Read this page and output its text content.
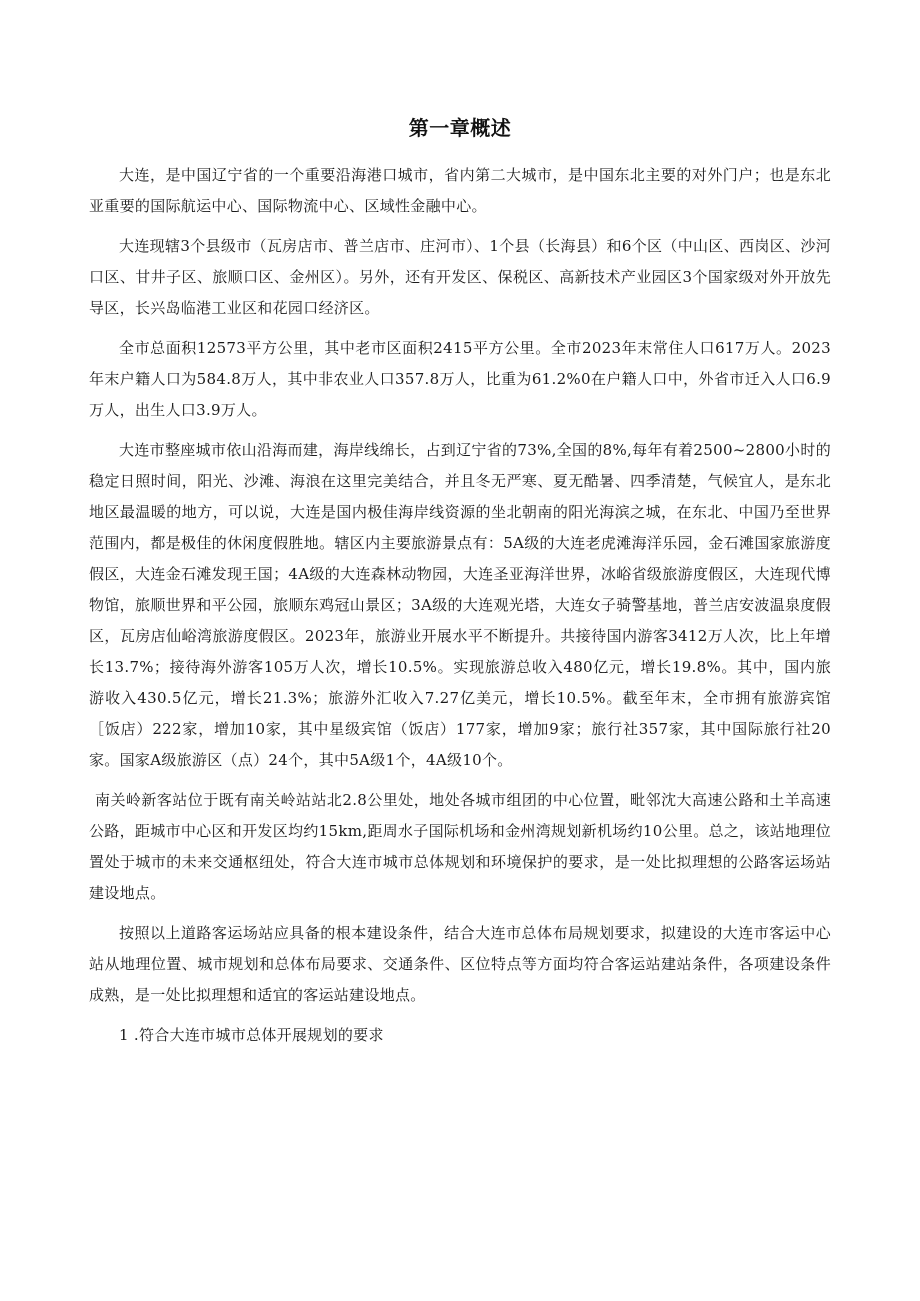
第一章概述

大连，是中国辽宁省的一个重要沿海港口城市，省内第二大城市，是中国东北主要的对外门户；也是东北亚重要的国际航运中心、国际物流中心、区域性金融中心。

大连现辖3个县级市（瓦房店市、普兰店市、庄河市）、1个县（长海县）和6个区（中山区、西岗区、沙河口区、甘井子区、旅顺口区、金州区）。另外，还有开发区、保税区、高新技术产业园区3个国家级对外开放先导区，长兴岛临港工业区和花园口经济区。

全市总面积12573平方公里，其中老市区面积2415平方公里。全市2023年末常住人口617万人。2023年末户籍人口为584.8万人，其中非农业人口357.8万人，比重为61.2%0在户籍人口中，外省市迁入人口6.9万人，出生人口3.9万人。

大连市整座城市依山沿海而建，海岸线绵长，占到辽宁省的73%,全国的8%,每年有着2500~2800小时的稳定日照时间，阳光、沙滩、海浪在这里完美结合，并且冬无严寒、夏无酷暑、四季清楚，气候宜人，是东北地区最温暖的地方，可以说，大连是国内极佳海岸线资源的坐北朝南的阳光海滨之城，在东北、中国乃至世界范围内，都是极佳的休闲度假胜地。辖区内主要旅游景点有：5A级的大连老虎滩海洋乐园，金石滩国家旅游度假区，大连金石滩发现王国；4A级的大连森林动物园，大连圣亚海洋世界，冰峪省级旅游度假区，大连现代博物馆，旅顺世界和平公园，旅顺东鸡冠山景区；3A级的大连观光塔，大连女子骑警基地，普兰店安波温泉度假区，瓦房店仙峪湾旅游度假区。2023年，旅游业开展水平不断提升。共接待国内游客3412万人次，比上年增长13.7%；接待海外游客105万人次，增长10.5%。实现旅游总收入480亿元，增长19.8%。其中，国内旅游收入430.5亿元，增长21.3%；旅游外汇收入7.27亿美元，增长10.5%。截至年末，全市拥有旅游宾馆［饭店）222家，增加10家，其中星级宾馆（饭店）177家，增加9家；旅行社357家，其中国际旅行社20家。国家A级旅游区（点）24个，其中5A级1个，4A级10个。

南关岭新客站位于既有南关岭站站北2.8公里处，地处各城市组团的中心位置，毗邻沈大高速公路和土羊高速公路，距城市中心区和开发区均约15km,距周水子国际机场和金州湾规划新机场约10公里。总之，该站地理位置处于城市的未来交通枢纽处，符合大连市城市总体规划和环境保护的要求，是一处比拟理想的公路客运场站建设地点。

按照以上道路客运场站应具备的根本建设条件，结合大连市总体布局规划要求，拟建设的大连市客运中心站从地理位置、城市规划和总体布局要求、交通条件、区位特点等方面均符合客运站建站条件，各项建设条件成熟，是一处比拟理想和适宜的客运站建设地点。

1 .符合大连市城市总体开展规划的要求
